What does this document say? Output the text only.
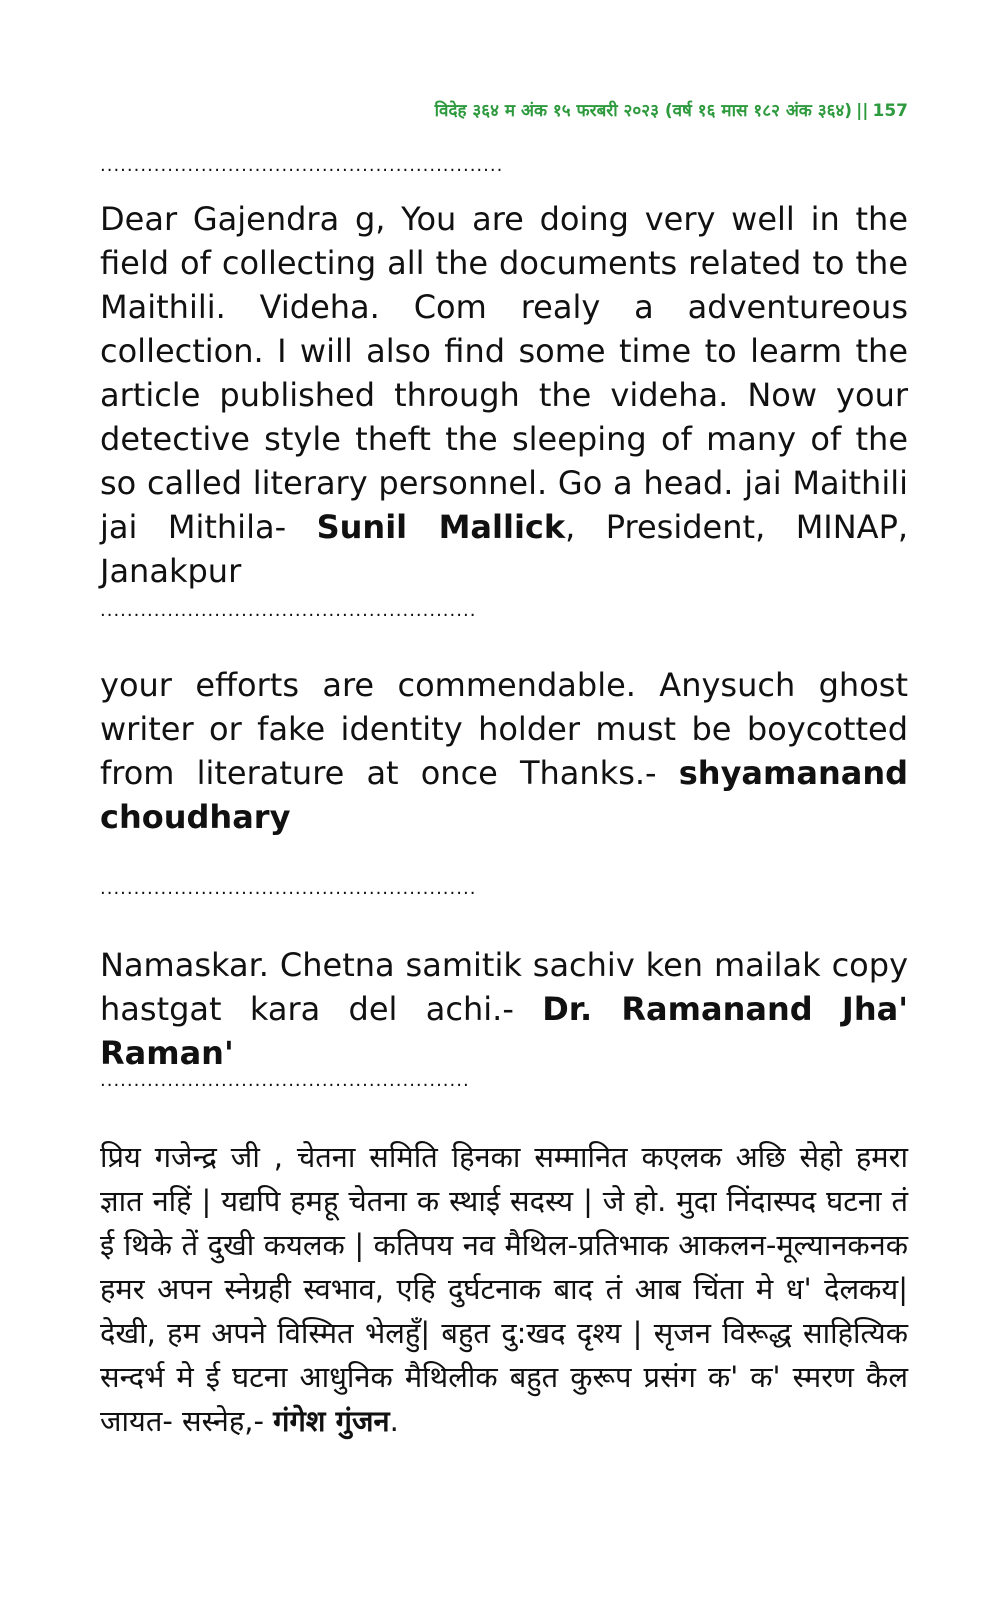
विदेह ३६४ म अंक १५ फरबरी २०२३ (वर्ष १६ मास १८२ अंक ३६४) || 157
............................................................

Dear Gajendra g, You are doing very well in the field of collecting all the documents related to the Maithili. Videha. Com realy a adventureous collection. I will also find some time to learm the article published through the videha. Now your detective style theft the sleeping of many of the so called literary personnel. Go a head. jai Maithili jai Mithila- Sunil Mallick, President, MINAP, Janakpur

........................................................

your efforts are commendable. Anysuch ghost writer or fake identity holder must be boycotted from literature at once Thanks.- shyamanand choudhary

........................................................

Namaskar. Chetna samitik sachiv ken mailak copy hastgat kara del achi.- Dr. Ramanand Jha' Raman'

.......................................................

प्रिय गजेन्द्र जी , चेतना समिति हिनका सम्मानित कएलक अछि सेहो हमरा ज्ञात नहिं | यद्यपि हमहू चेतना क स्थाई सदस्य | जे हो. मुदा निंदास्पद घटना तं ई थिके तें दुखी कयलक | कतिपय नव मैथिल-प्रतिभाक आकलन-मूल्यानकनक हमर अपन स्नेग्रही स्वभाव, एहि दुर्घटनाक बाद तं आब चिंता मे ध' देलकय| देखी, हम अपने विस्मित भेलहुँ| बहुत दु:खद दृश्य | सृजन विरूद्ध साहित्यिक सन्दर्भ मे ई घटना आधुनिक मैथिलीक बहुत कुरूप प्रसंग क' क' स्मरण कैल जायत- सस्नेह,- गंगेश गुंजन.
